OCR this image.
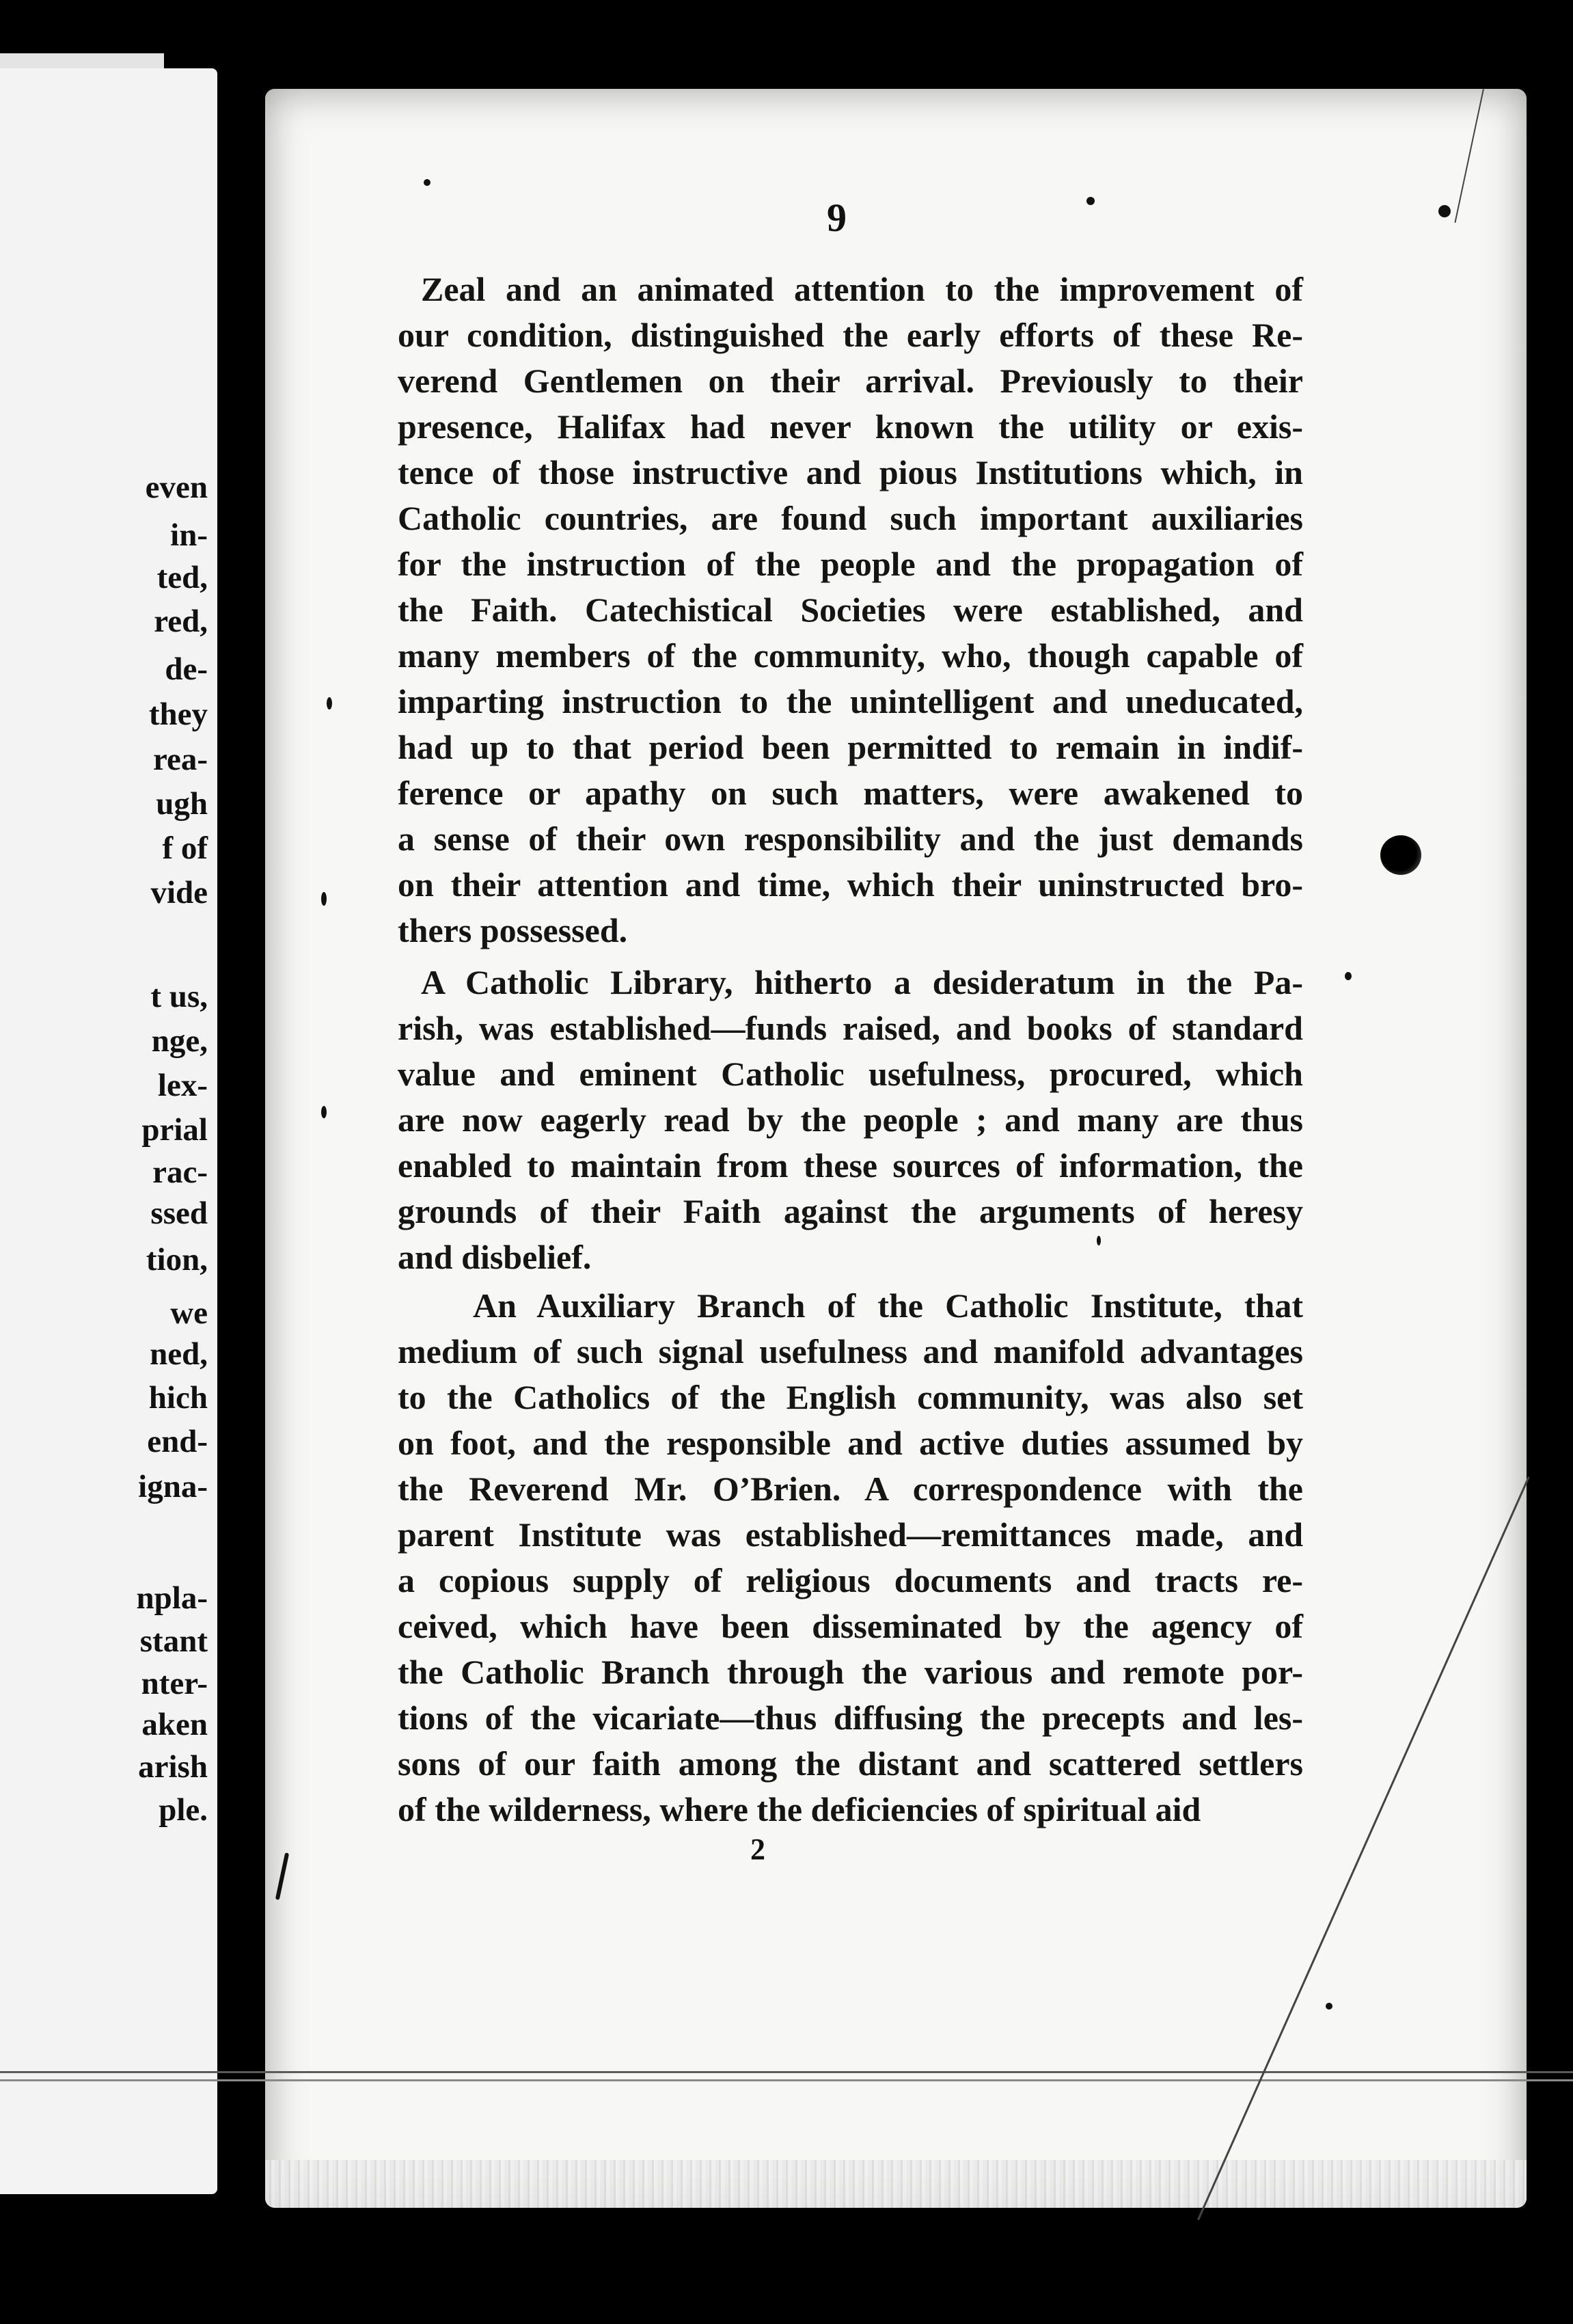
even
in-
ted,
red,
de-
they
rea-
ugh
f of
vide
t us,
nge,
lex-
prial
rac-
ssed
tion,
we
ned,
hich
end-
igna-
npla-
stant
nter-
aken
arish
ple.
9
Zeal and an animated attention to the improvement of
our condition, distinguished the early efforts of these Re-
verend Gentlemen on their arrival. Previously to their
presence, Halifax had never known the utility or exis-
tence of those instructive and pious Institutions which, in
Catholic countries, are found such important auxiliaries
for the instruction of the people and the propagation of
the Faith. Catechistical Societies were established, and
many members of the community, who, though capable of
imparting instruction to the unintelligent and uneducated,
had up to that period been permitted to remain in indif-
ference or apathy on such matters, were awakened to
a sense of their own responsibility and the just demands
on their attention and time, which their uninstructed bro-
thers possessed.
A Catholic Library, hitherto a desideratum in the Pa-
rish, was established—funds raised, and books of standard
value and eminent Catholic usefulness, procured, which
are now eagerly read by the people ; and many are thus
enabled to maintain from these sources of information, the
grounds of their Faith against the arguments of heresy
and disbelief.
An Auxiliary Branch of the Catholic Institute, that
medium of such signal usefulness and manifold advantages
to the Catholics of the English community, was also set
on foot, and the responsible and active duties assumed by
the Reverend Mr. O’Brien. A correspondence with the
parent Institute was established—remittances made, and
a copious supply of religious documents and tracts re-
ceived, which have been disseminated by the agency of
the Catholic Branch through the various and remote por-
tions of the vicariate—thus diffusing the precepts and les-
sons of our faith among the distant and scattered settlers
of the wilderness, where the deficiencies of spiritual aid
2
